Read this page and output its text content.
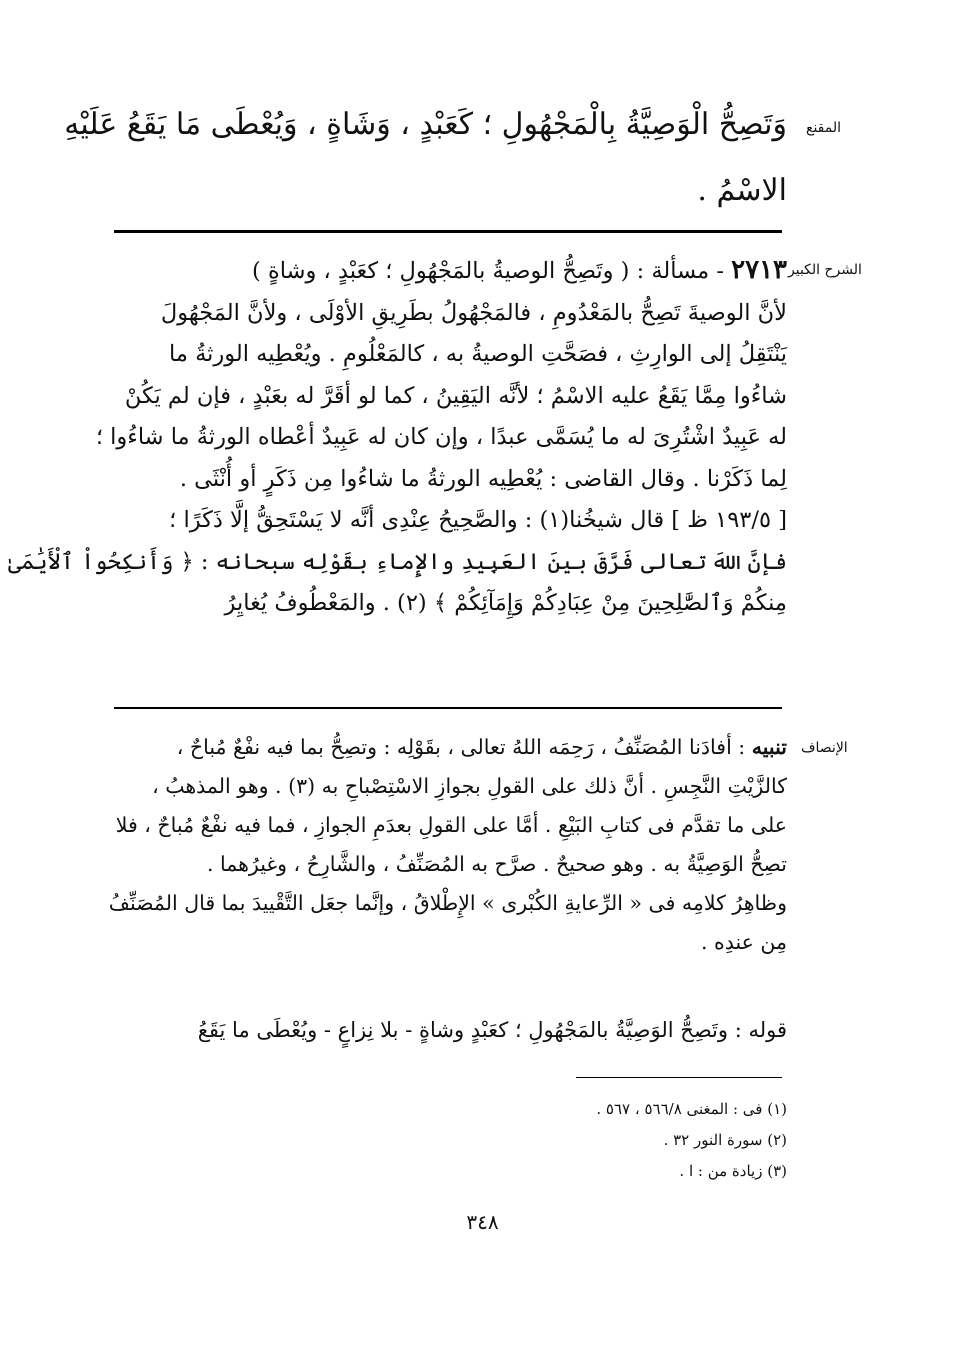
المقنع
الشرح الكبير
الإنصاف
وَتَصِحُّ الْوَصِيَّةُ بِالْمَجْهُولِ ؛ كَعَبْدٍ ، وَشَاةٍ ، وَيُعْطَى مَا يَقَعُ عَلَيْهِ
الاسْمُ .
٢٧١٣ - مسألة : ( وتَصِحُّ الوصيةُ بالمَجْهُولِ ؛ كعَبْدٍ ، وشاةٍ )
لأنَّ الوصيةَ تَصِحُّ بالمَعْدُومِ ، فالمَجْهُولُ بطَرِيقِ الأوْلَى ، ولأنَّ المَجْهُولَ
يَنْتَقِلُ إلى الوارِثِ ، فصَحَّتِ الوصيةُ به ، كالمَعْلُومِ . ويُعْطِيه الورثةُ ما
شاءُوا مِمَّا يَقَعُ عليه الاسْمُ ؛ لأنَّه اليَقِينُ ، كما لو أقَرَّ له بعَبْدٍ ، فإن لم يَكُنْ
له عَبِيدٌ اشْتُرِىَ له ما يُسَمَّى عبدًا ، وإن كان له عَبِيدٌ أعْطاه الورثةُ ما شاءُوا ؛
لِما ذَكَرْنا . وقال القاضى : يُعْطِيه الورثةُ ما شاءُوا مِن ذَكَرٍ أو أُنْثَى .
[ ١٩٣/٥ ظ ] قال شيخُنا(١) : والصَّحِيحُ عِنْدِى أنَّه لا يَسْتَحِقُّ إلَّا ذَكَرًا ؛
فإنَّ اللهَ تعالى فَرَّقَ بينَ العَبِيدِ والإِماءِ بقَوْلِه سبحانه : ﴿ وَأَنكِحُواْ ٱلْأَيَٰمَىٰ
مِنكُمْ وَٱلصَّٰلِحِينَ مِنْ عِبَادِكُمْ وَإِمَآئِكُمْ ﴾ (٢) . والمَعْطُوفُ يُغايِرُ
تنبيه : أفادَنا المُصَنِّفُ ، رَحِمَه اللهُ تعالى ، بقَوْلِه : وتصِحُّ بما فيه نفْعٌ مُباحٌ ،
كالزَّيْتِ النَّجِسِ . أنَّ ذلك على القولِ بجوازِ الاسْتِصْباحِ به (٣) . وهو المذهبُ ،
على ما تقدَّم فى كتابِ البَيْعِ . أمَّا على القولِ بعدَمِ الجوازِ ، فما فيه نفْعٌ مُباحٌ ، فلا
تصِحُّ الوَصِيَّةُ به . وهو صحيحٌ . صرَّح به المُصَنِّفُ ، والشَّارِحُ ، وغيرُهما .
وظاهِرُ كلامِه فى « الرِّعايةِ الكُبْرى » الإِطْلاقُ ، وإنَّما جعَل التَّقْييدَ بما قال المُصَنِّفُ
مِن عندِه .
قوله : وتَصِحُّ الوَصِيَّةُ بالمَجْهُولِ ؛ كعَبْدٍ وشاةٍ - بلا نِزاعٍ - ويُعْطَى ما يَقَعُ
(١) فى : المغنى ٥٦٦/٨ ، ٥٦٧ .
(٢) سورة النور ٣٢ .
(٣) زيادة من : ا .
٣٤٨
